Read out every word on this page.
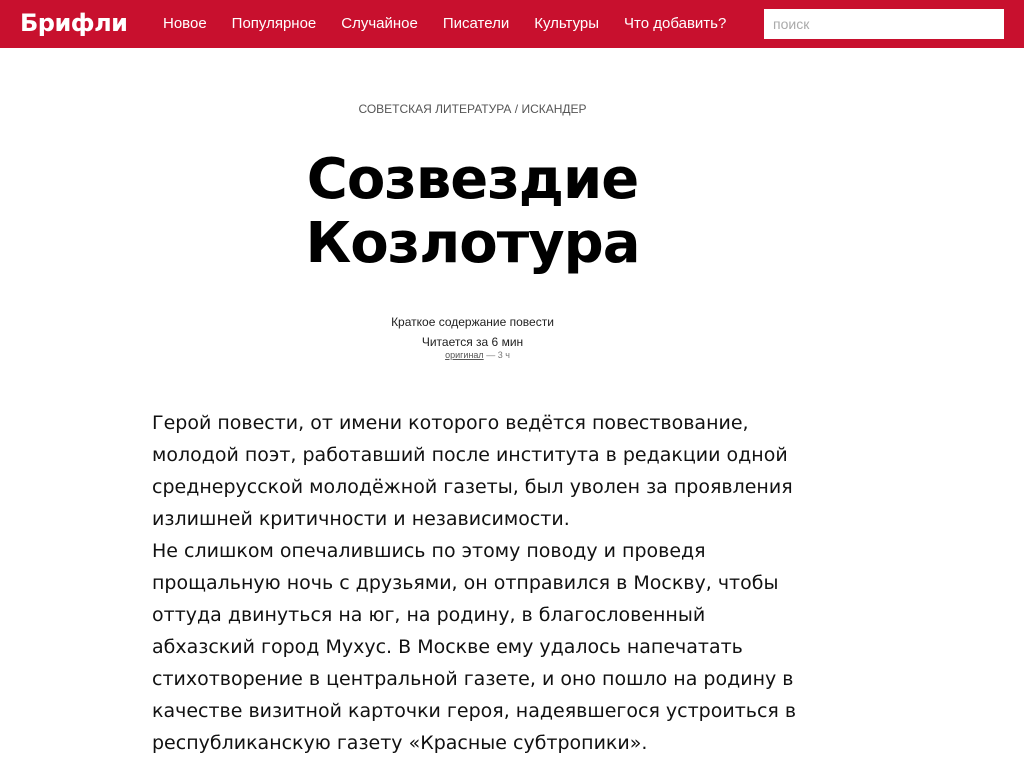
Брифли Новое Популярное Случайное Писатели Культуры Что добавить?
поиск
СОВЕТСКАЯ ЛИТЕРАТУРА / ИСКАНДЕР
Созвездие
Козлотура
Краткое содержание повести
Читается за 6 мин
оригинал — 3 ч

Герой повести, от имени которого ведётся повествование, молодой поэт, работавший после института в редакции одной среднерусской молодёжной газеты, был уволен за проявления излишней критичности и независимости.

Не слишком опечалившись по этому поводу и проведя прощальную ночь с друзьями, он отправился в Москву, чтобы оттуда двинуться на юг, на родину, в благословенный абхазский город Мухус. В Москве ему удалось напечатать стихотворение в центральной газете, и оно пошло на родину в качестве визитной карточки героя, надеявшегося устроиться в республиканскую газету «Красные субтропики».
